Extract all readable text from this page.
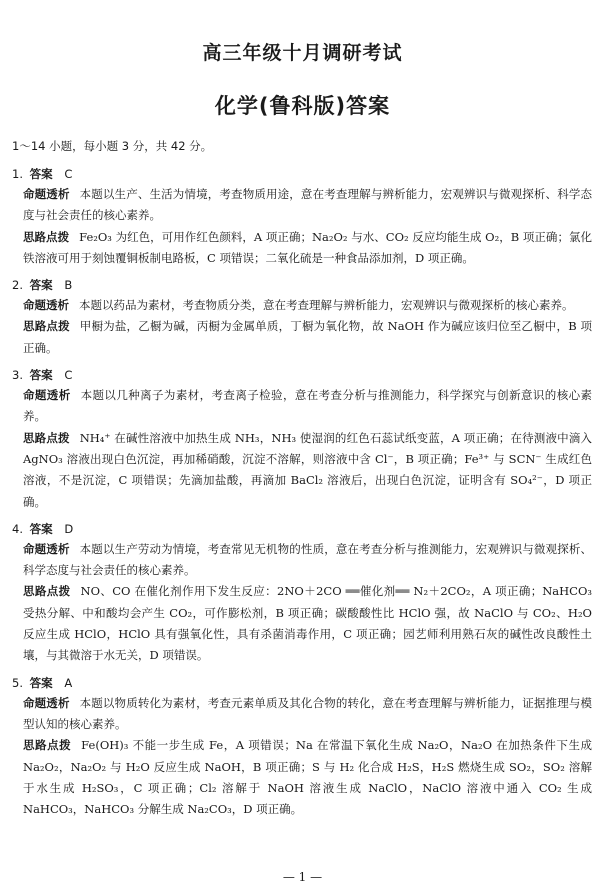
高三年级十月调研考试
化学(鲁科版)答案
1～14 小题，每小题 3 分，共 42 分。
1. 答案 C
命题透析 本题以生产、生活为情境，考查物质用途，意在考查理解与辨析能力，宏观辨识与微观探析、科学态度与社会责任的核心素养。
思路点拨 Fe₂O₃ 为红色，可用作红色颜料，A 项正确；Na₂O₂ 与水、CO₂ 反应均能生成 O₂，B 项正确；氯化铁溶液可用于刻蚀覆铜板制电路板，C 项错误；二氧化硫是一种食品添加剂，D 项正确。
2. 答案 B
命题透析 本题以药品为素材，考查物质分类，意在考查理解与辨析能力，宏观辨识与微观探析的核心素养。
思路点拨 甲橱为盐，乙橱为碱，丙橱为金属单质，丁橱为氧化物，故 NaOH 作为碱应该归位至乙橱中，B 项正确。
3. 答案 C
命题透析 本题以几种离子为素材，考查离子检验，意在考查分析与推测能力，科学探究与创新意识的核心素养。
思路点拨 NH₄⁺ 在碱性溶液中加热生成 NH₃，NH₃ 使湿润的红色石蕊试纸变蓝，A 项正确；在待测液中滴入 AgNO₃ 溶液出现白色沉淀，再加稀硝酸，沉淀不溶解，则溶液中含 Cl⁻，B 项正确；Fe³⁺ 与 SCN⁻ 生成红色溶液，不是沉淀，C 项错误；先滴加盐酸，再滴加 BaCl₂ 溶液后，出现白色沉淀，证明含有 SO₄²⁻，D 项正确。
4. 答案 D
命题透析 本题以生产劳动为情境，考查常见无机物的性质，意在考查分析与推测能力，宏观辨识与微观探析、科学态度与社会责任的核心素养。
思路点拨 NO、CO 在催化剂作用下发生反应：2NO＋2CO ══催化剂══ N₂＋2CO₂，A 项正确；NaHCO₃ 受热分解、中和酸均会产生 CO₂，可作膨松剂，B 项正确；碳酸酸性比 HClO 强，故 NaClO 与 CO₂、H₂O 反应生成 HClO，HClO 具有强氧化性，具有杀菌消毒作用，C 项正确；园艺师利用熟石灰的碱性改良酸性土壤，与其微溶于水无关，D 项错误。
5. 答案 A
命题透析 本题以物质转化为素材，考查元素单质及其化合物的转化，意在考查理解与辨析能力，证据推理与模型认知的核心素养。
思路点拨 Fe(OH)₃ 不能一步生成 Fe，A 项错误；Na 在常温下氧化生成 Na₂O，Na₂O 在加热条件下生成 Na₂O₂，Na₂O₂ 与 H₂O 反应生成 NaOH，B 项正确；S 与 H₂ 化合成 H₂S，H₂S 燃烧生成 SO₂，SO₂ 溶解于水生成 H₂SO₃，C 项正确；Cl₂ 溶解于 NaOH 溶液生成 NaClO，NaClO 溶液中通入 CO₂ 生成 NaHCO₃，NaHCO₃ 分解生成 Na₂CO₃，D 项正确。
— 1 —
